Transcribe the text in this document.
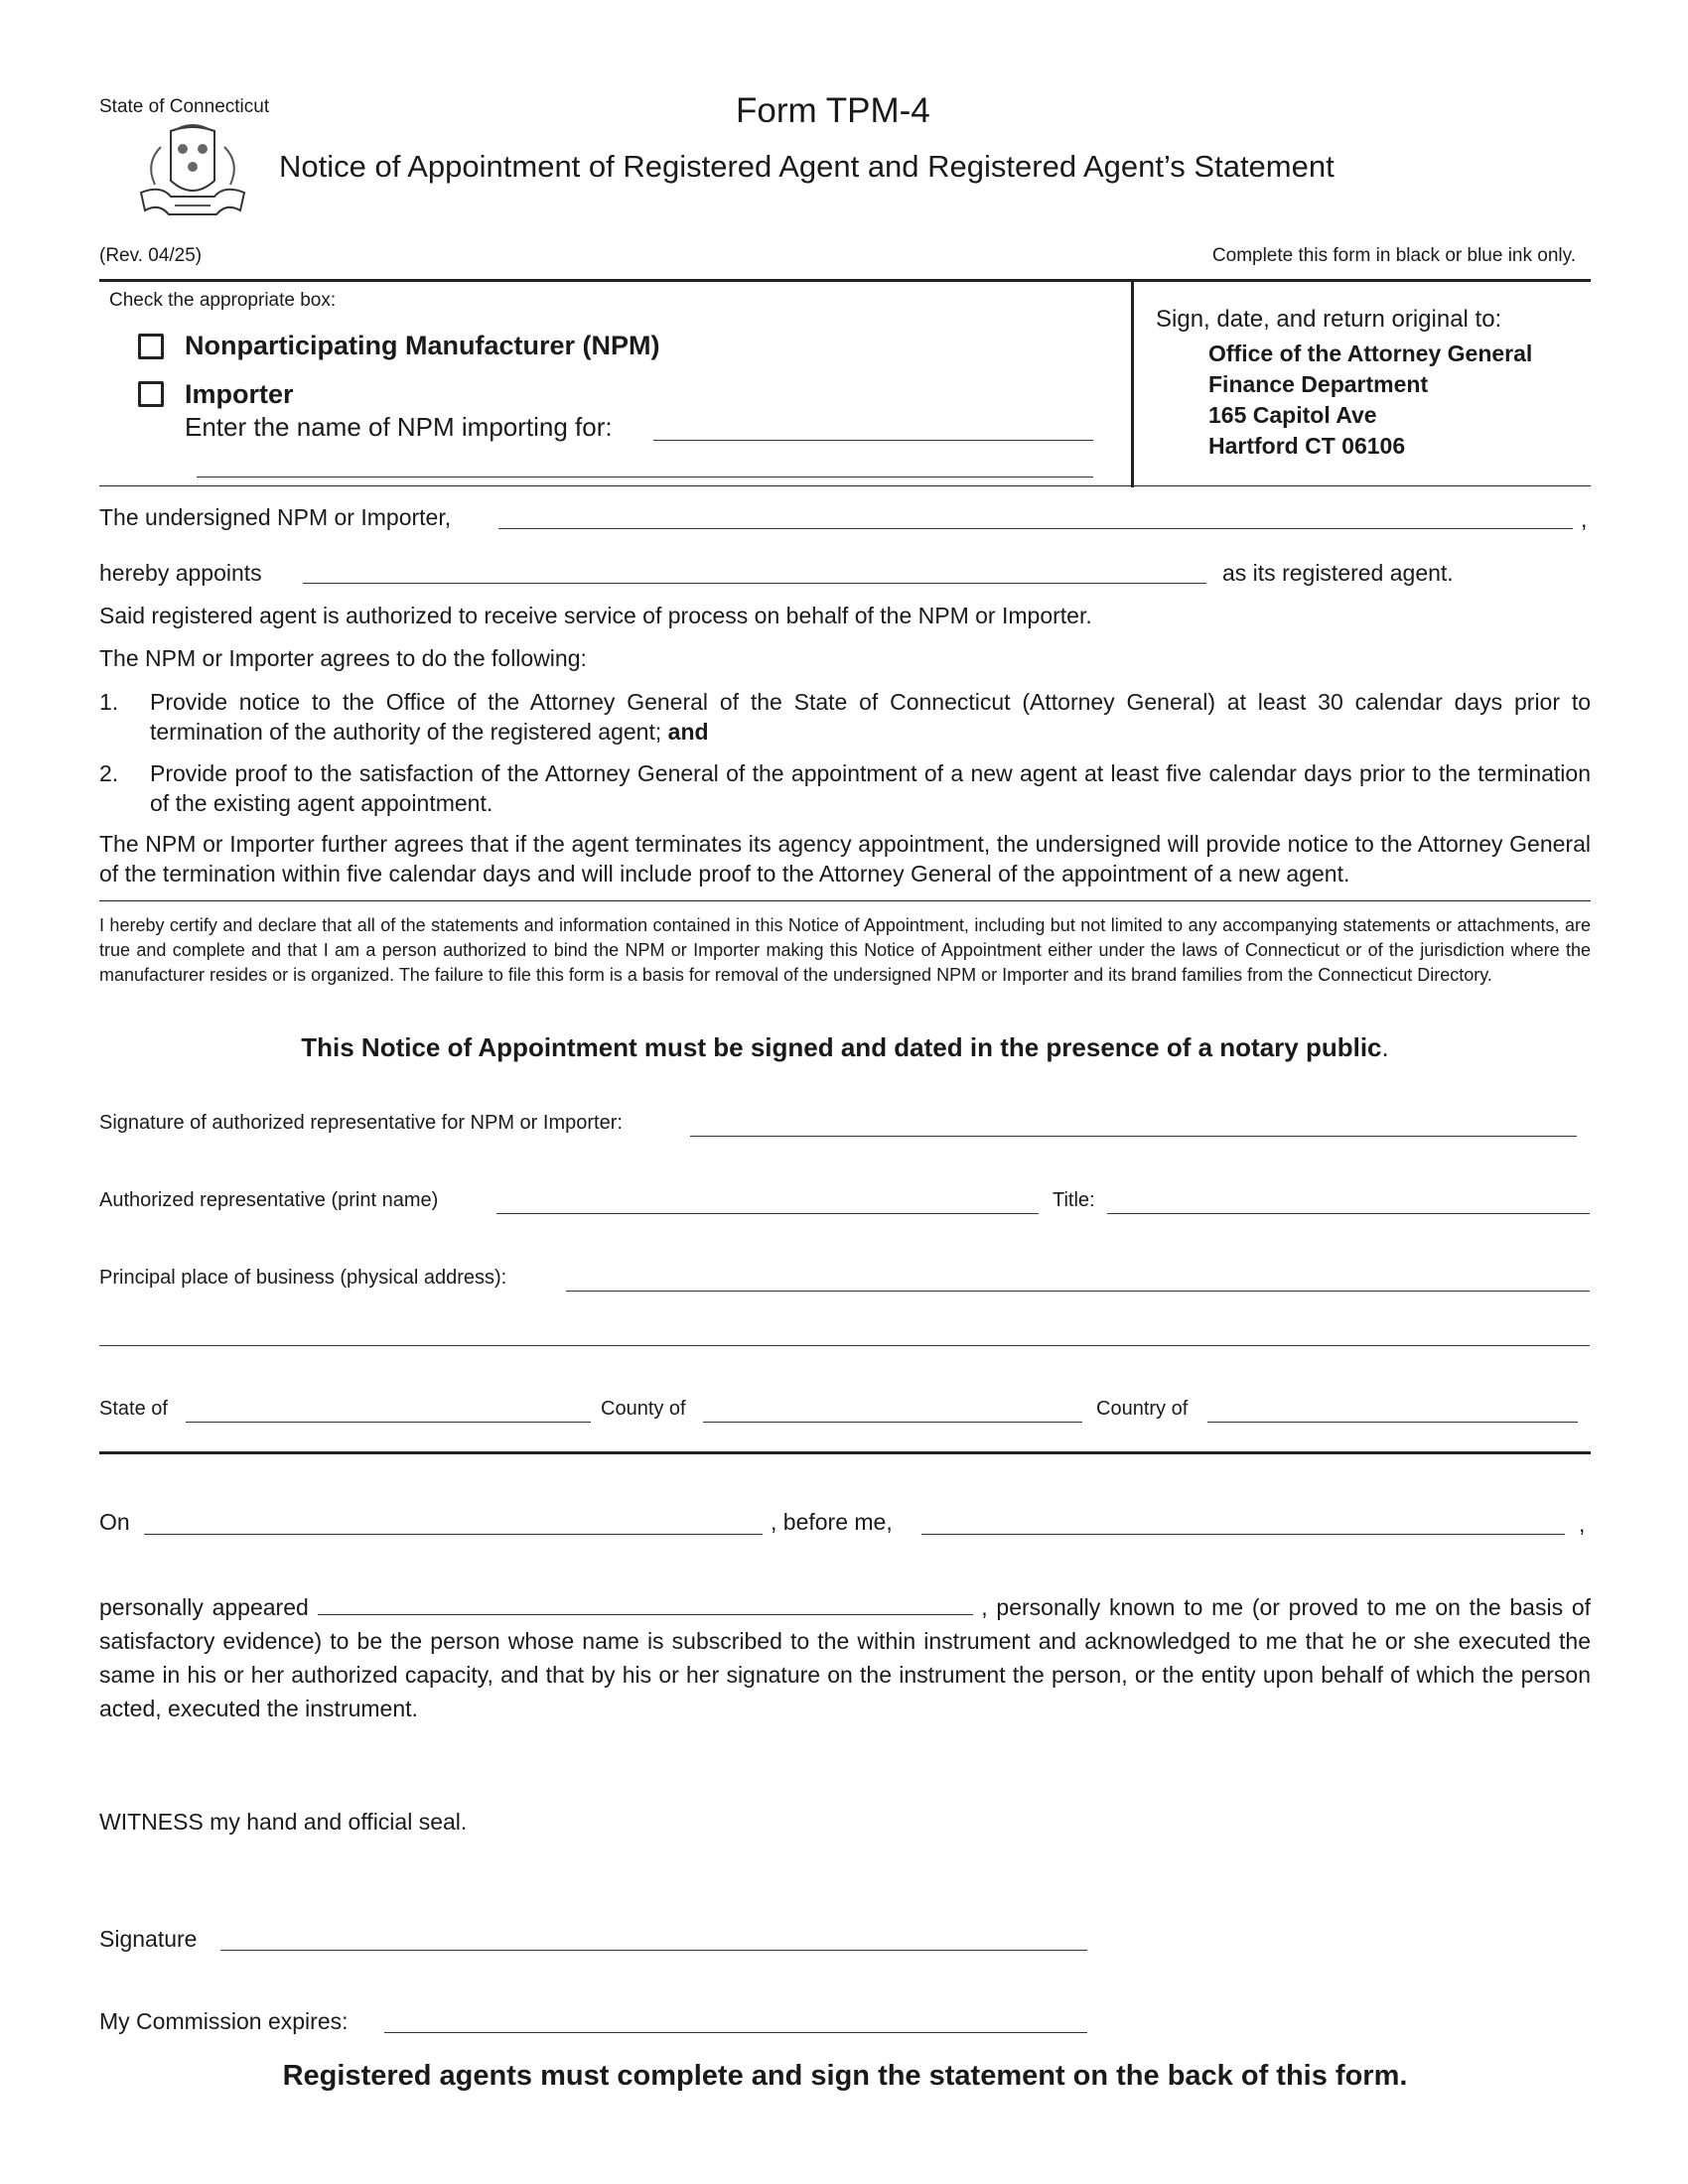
State of Connecticut	Form TPM-4
Notice of Appointment of Registered Agent and Registered Agent’s Statement
(Rev. 04/25)	Complete this form in black or blue ink only.
Check the appropriate box:
Nonparticipating Manufacturer (NPM)
Importer
Enter the name of NPM importing for:
Sign, date, and return original to:
Office of the Attorney General
Finance Department
165 Capitol Ave
Hartford CT 06106
The undersigned NPM or Importer,	,
hereby appoints	as its registered agent.
Said registered agent is authorized to receive service of process on behalf of the NPM or Importer.
The NPM or Importer agrees to do the following:
1. Provide notice to the Office of the Attorney General of the State of Connecticut (Attorney General) at least 30 calendar days prior to termination of the authority of the registered agent; and
2. Provide proof to the satisfaction of the Attorney General of the appointment of a new agent at least five calendar days prior to the termination of the existing agent appointment.
The NPM or Importer further agrees that if the agent terminates its agency appointment, the undersigned will provide notice to the Attorney General of the termination within five calendar days and will include proof to the Attorney General of the appointment of a new agent.
I hereby certify and declare that all of the statements and information contained in this Notice of Appointment, including but not limited to any accompanying statements or attachments, are true and complete and that I am a person authorized to bind the NPM or Importer making this Notice of Appointment either under the laws of Connecticut or of the jurisdiction where the manufacturer resides or is organized. The failure to file this form is a basis for removal of the undersigned NPM or Importer and its brand families from the Connecticut Directory.
This Notice of Appointment must be signed and dated in the presence of a notary public.
Signature of authorized representative for NPM or Importer:
Authorized representative (print name)	Title:
Principal place of business (physical address):
State of	County of	Country of
On	, before me,	,
personally appeared	, personally known to me (or proved to me on the basis of satisfactory evidence) to be the person whose name is subscribed to the within instrument and acknowledged to me that he or she executed the same in his or her authorized capacity, and that by his or her signature on the instrument the person, or the entity upon behalf of which the person acted, executed the instrument.
WITNESS my hand and official seal.
Signature
My Commission expires:
Registered agents must complete and sign the statement on the back of this form.
